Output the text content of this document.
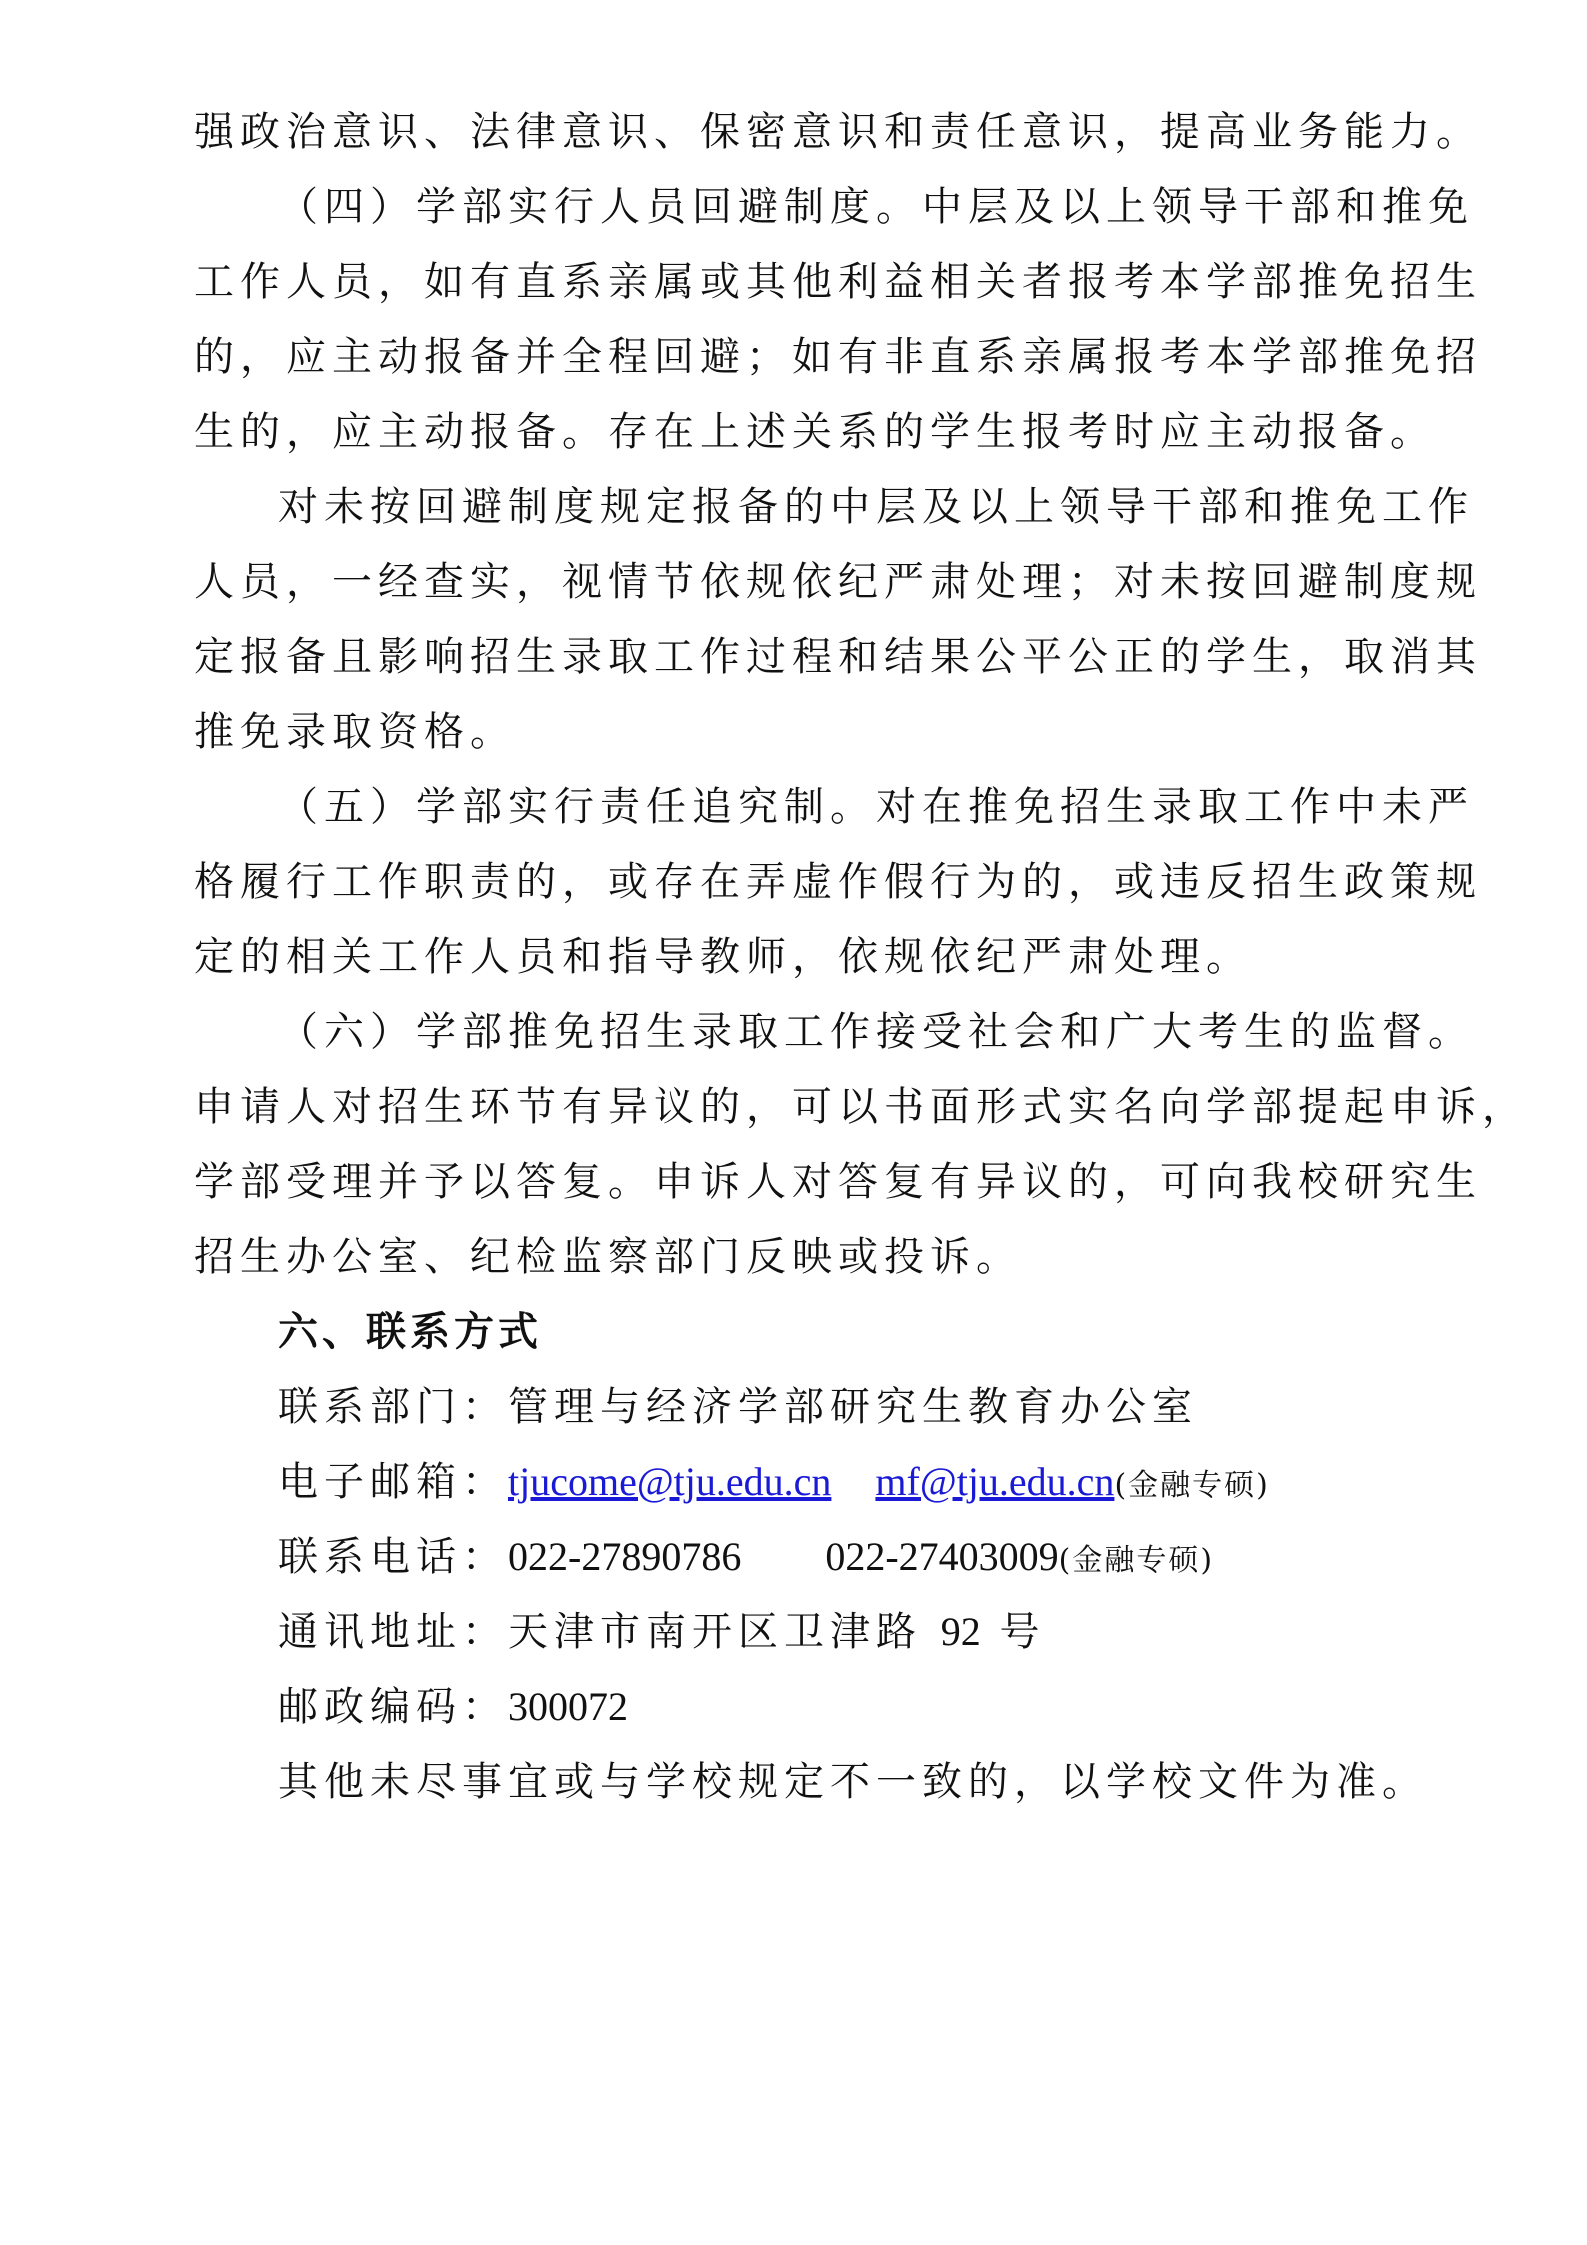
强政治意识、法律意识、保密意识和责任意识，提高业务能力。
（四）学部实行人员回避制度。中层及以上领导干部和推免
工作人员，如有直系亲属或其他利益相关者报考本学部推免招生
的，应主动报备并全程回避；如有非直系亲属报考本学部推免招
生的，应主动报备。存在上述关系的学生报考时应主动报备。
对未按回避制度规定报备的中层及以上领导干部和推免工作
人员，一经查实，视情节依规依纪严肃处理；对未按回避制度规
定报备且影响招生录取工作过程和结果公平公正的学生，取消其
推免录取资格。
（五）学部实行责任追究制。对在推免招生录取工作中未严
格履行工作职责的，或存在弄虚作假行为的，或违反招生政策规
定的相关工作人员和指导教师，依规依纪严肃处理。
（六）学部推免招生录取工作接受社会和广大考生的监督。
申请人对招生环节有异议的，可以书面形式实名向学部提起申诉，
学部受理并予以答复。申诉人对答复有异议的，可向我校研究生
招生办公室、纪检监察部门反映或投诉。
六、联系方式
联系部门：管理与经济学部研究生教育办公室
电子邮箱：tjucome@tju.edu.cn mf@tju.edu.cn(金融专硕)
联系电话：022-27890786 022-27403009(金融专硕)
通讯地址：天津市南开区卫津路 92 号
邮政编码：300072
其他未尽事宜或与学校规定不一致的，以学校文件为准。
